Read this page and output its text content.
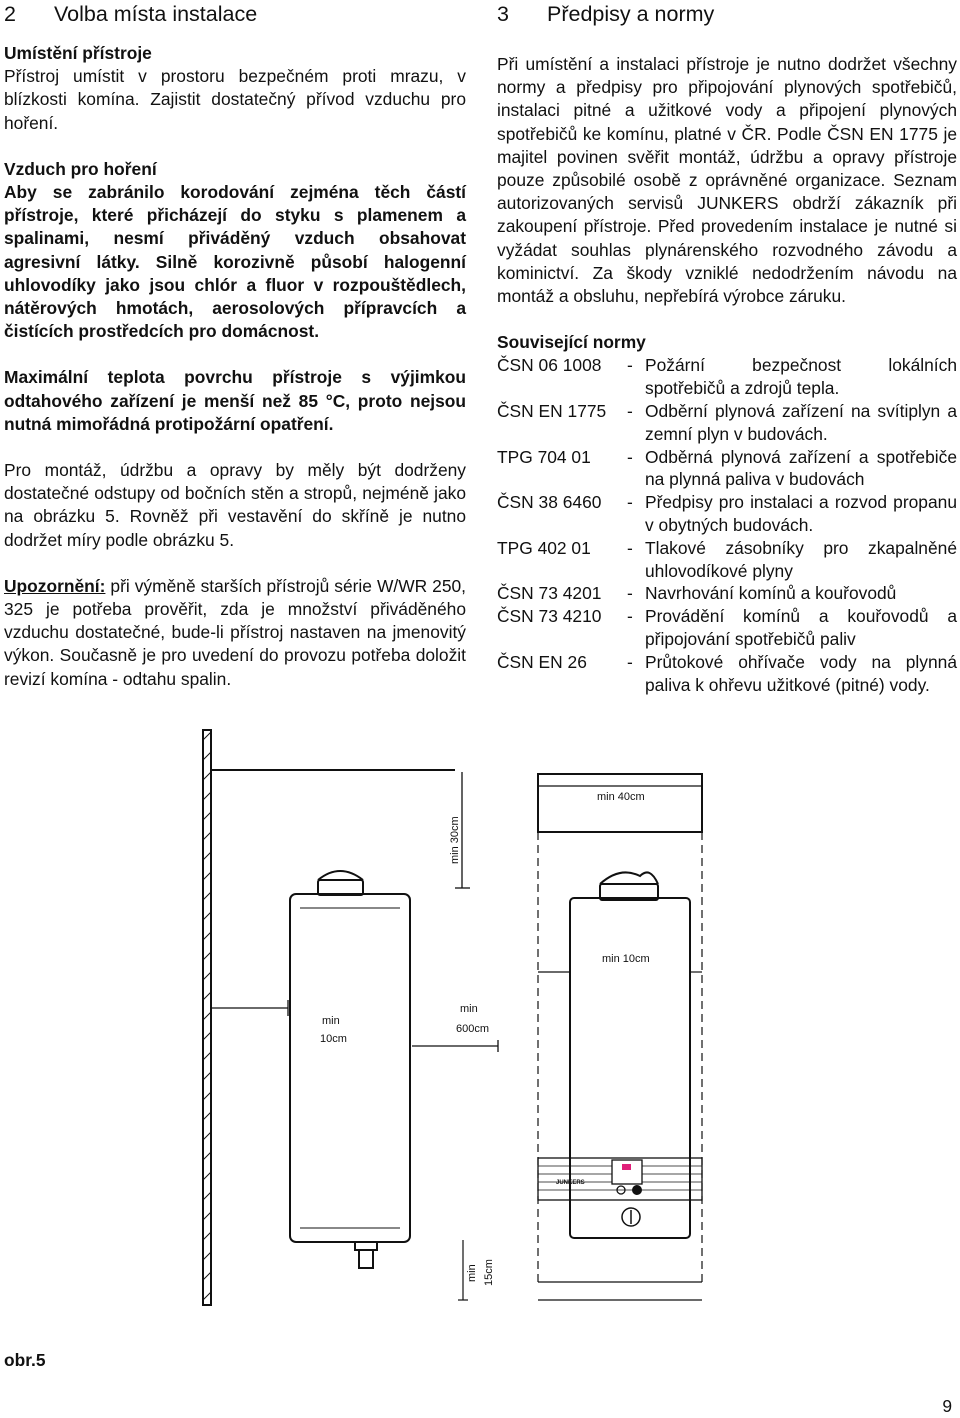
2 Volba místa instalace
Umístění přístroje

Přístroj umístit v prostoru bezpečném proti mrazu, v blízkosti komína. Zajistit dostatečný přívod vzduchu pro hoření.

Vzduch pro hoření

Aby se zabránilo korodování zejména těch částí přístroje, které přicházejí do styku s plamenem a spalinami, nesmí přiváděný vzduch obsahovat agresivní látky. Silně korozivně působí halogenní uhlovodíky jako jsou chlór a fluor v rozpouštědlech, nátěrových hmotách, aerosolových přípravcích a čistících prostředcích pro domácnost.

Maximální teplota povrchu přístroje s výjimkou odtahového zařízení je menší než 85 °C, proto nejsou nutná mimořádná protipožární opatření.

Pro montáž, údržbu a opravy by měly být dodrženy dostatečné odstupy od bočních stěn a stropů, nejméně jako na obrázku 5. Rovněž při vestavění do skříně je nutno dodržet míry podle obrázku 5.

Upozornění: při výměně starších přístrojů série W/WR 250, 325 je potřeba prověřit, zda je množství přiváděného vzduchu dostatečné, bude-li přístroj nastaven na jmenovitý výkon. Současně je pro uvedení do provozu potřeba doložit revizí komína - odtahu spalin.

3 Předpisy a normy

Při umístění a instalaci přístroje je nutno dodržet všechny normy a předpisy pro připojování plynových spotřebičů, instalaci pitné a užitkové vody a připojení plynových spotřebičů ke komínu, platné v ČR. Podle ČSN EN 1775 je majitel povinen svěřit montáž, údržbu a opravy přístroje pouze způsobilé osobě z oprávněné organizace. Seznam autorizovaných servisů JUNKERS obdrží zákazník při zakoupení přístroje. Před provedením instalace je nutné si vyžádat souhlas plynárenského rozvodného závodu a kominictví. Za škody vzniklé nedodržením návodu na montáž a obsluhu, nepřebírá výrobce záruku.

Související normy
ČSN 06 1008	- Požární bezpečnost lokálních spotřebičů a zdrojů tepla.
ČSN EN 1775	- Odběrní plynová zařízení na svítiplyn a zemní plyn v budovách.
TPG 704 01	- Odběrná plynová zařízení a spotřebiče na plynná paliva v budovách
ČSN 38 6460	- Předpisy pro instalaci a rozvod propanu v obytných budovách.
TPG 402 01	- Tlakové zásobníky pro zkapalněné uhlovodíkové plyny
ČSN 73 4201	- Navrhování komínů a kouřovodů
ČSN 73 4210	- Provádění komínů a kouřovodů a připojování spotřebičů paliv
ČSN EN 26	- Průtokové ohřívače vody na plynná paliva k ohřevu užitkové (pitné) vody.
min 40cm
min 30cm
min 10cm
min
10cm
min
600cm
min 15cm
JUNKERS
obr.5
9
